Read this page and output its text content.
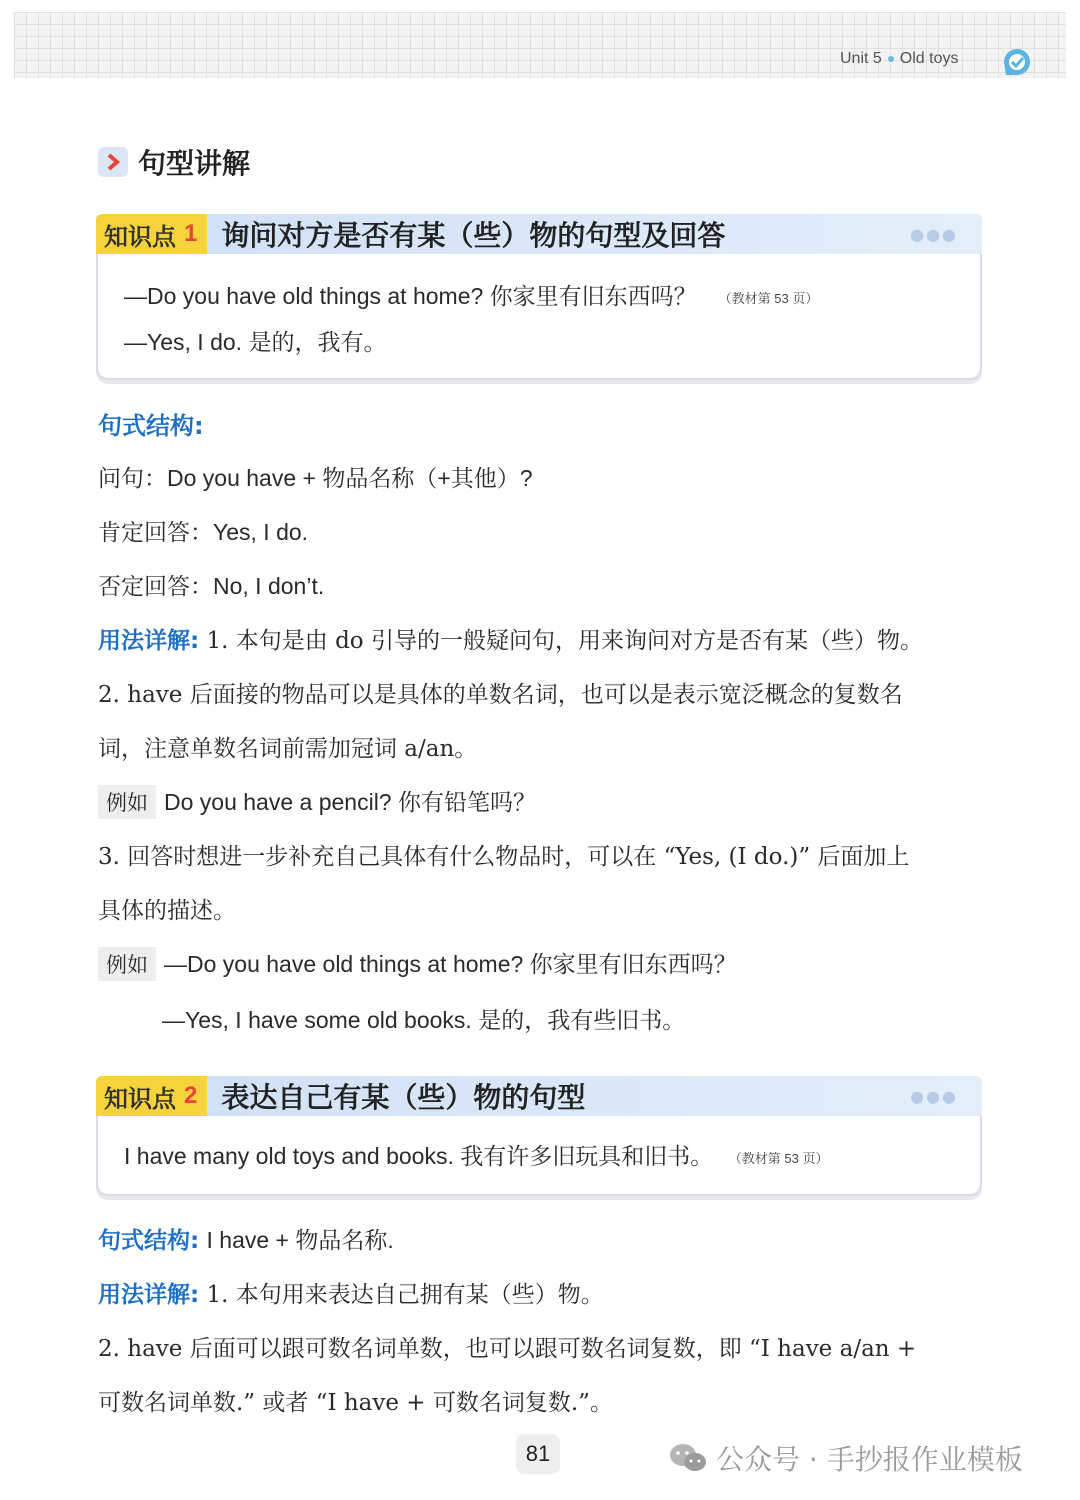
Unit 5 Old toys
句型讲解
知识点 1 询问对方是否有某（些）物的句型及回答	●●●
—Do you have old things at home? 你家里有旧东西吗？ （教材第 53 页）
—Yes, I do. 是的，我有。
句式结构:
问句：Do you have + 物品名称（+其他）?
肯定回答：Yes, I do.
否定回答：No, I don’t.
用法详解: 1. 本句是由 do 引导的一般疑问句，用来询问对方是否有某（些）物。
2. have 后面接的物品可以是具体的单数名词，也可以是表示宽泛概念的复数名
词，注意单数名词前需加冠词 a/an。
例如 Do you have a pencil? 你有铅笔吗？
3. 回答时想进一步补充自己具体有什么物品时，可以在 “Yes, (I do.)” 后面加上
具体的描述。
例如 —Do you have old things at home? 你家里有旧东西吗？
—Yes, I have some old books. 是的，我有些旧书。
知识点 2 表达自己有某（些）物的句型	●●●
I have many old toys and books. 我有许多旧玩具和旧书。 （教材第 53 页）
句式结构: I have + 物品名称.
用法详解: 1. 本句用来表达自己拥有某（些）物。
2. have 后面可以跟可数名词单数，也可以跟可数名词复数，即 “I have a/an +
可数名词单数.” 或者 “I have + 可数名词复数.”。
81	公众号 · 手抄报作业模板
